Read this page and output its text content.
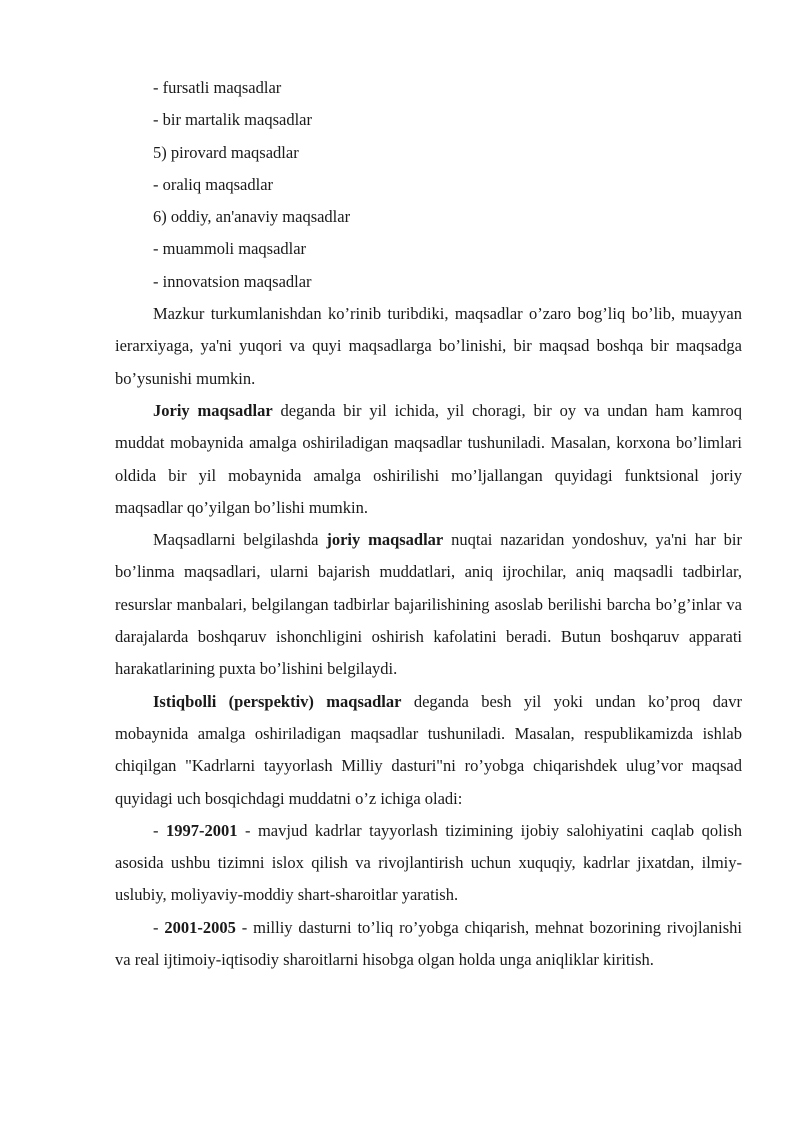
- fursatli maqsadlar

- bir martalik maqsadlar

5) pirovard maqsadlar

- oraliq maqsadlar

6) oddiy, an'anaviy maqsadlar

- muammoli maqsadlar

- innovatsion maqsadlar

Mazkur turkumlanishdan ko’rinib turibdiki, maqsadlar o’zaro bog’liq bo’lib, muayyan ierarxiyaga, ya'ni yuqori va quyi maqsadlarga bo’linishi, bir maqsad boshqa bir maqsadga bo’ysunishi mumkin.

Joriy maqsadlar deganda bir yil ichida, yil choragi, bir oy va undan ham kamroq muddat mobaynida amalga oshiriladigan maqsadlar tushuniladi. Masalan, korxona bo’limlari oldida bir yil mobaynida amalga oshirilishi mo’ljallangan quyidagi funktsional joriy maqsadlar qo’yilgan bo’lishi mumkin.

Maqsadlarni belgilashda joriy maqsadlar nuqtai nazaridan yondoshuv, ya'ni har bir bo’linma maqsadlari, ularni bajarish muddatlari, aniq ijrochilar, aniq maqsadli tadbirlar, resurslar manbalari, belgilangan tadbirlar bajarilishining asoslab berilishi barcha bo’g’inlar va darajalarda boshqaruv ishonchligini oshirish kafolatini beradi. Butun boshqaruv apparati harakatlarining puxta bo’lishini belgilaydi.

Istiqbolli (perspektiv) maqsadlar deganda besh yil yoki undan ko’proq davr mobaynida amalga oshiriladigan maqsadlar tushuniladi. Masalan, respublikamizda ishlab chiqilgan "Kadrlarni tayyorlash Milliy dasturi"ni ro’yobga chiqarishdek ulug’vor maqsad quyidagi uch bosqichdagi muddatni o’z ichiga oladi:

- 1997-2001 - mavjud kadrlar tayyorlash tizimining ijobiy salohiyatini caqlab qolish asosida ushbu tizimni islox qilish va rivojlantirish uchun xuquqiy, kadrlar jixatdan, ilmiy-uslubiy, moliyaviy-moddiy shart-sharoitlar yaratish.

- 2001-2005 - milliy dasturni to’liq ro’yobga chiqarish, mehnat bozorining rivojlanishi va real ijtimoiy-iqtisodiy sharoitlarni hisobga olgan holda unga aniqliklar kiritish.
